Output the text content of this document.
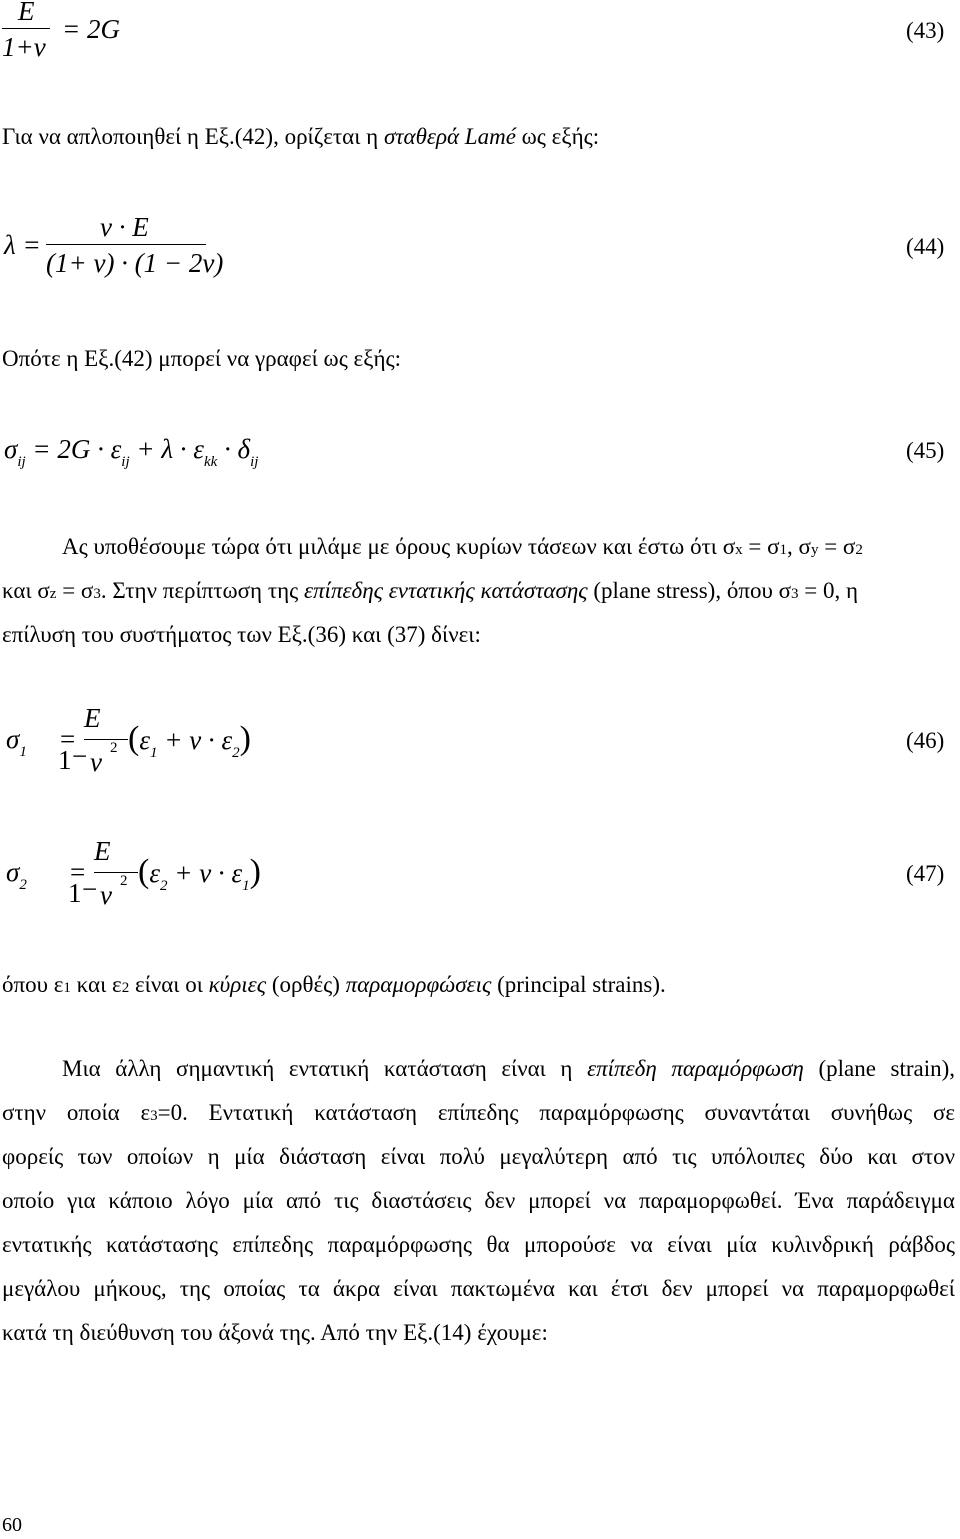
E
1+ν
= 2G	(43)
Για να απλοποιηθεί η Εξ.(42), ορίζεται η σταθερά Lamé ως εξής:
λ =
ν · E
(1+ ν) · (1 − 2ν)
(44)
Οπότε η Εξ.(42) μπορεί να γραφεί ως εξής:
$\sigma_{ij} = 2G \cdot \varepsilon_{ij} + \lambda \cdot \varepsilon_{kk} \cdot \delta_{ij}$	(45)
Ας υποθέσουμε τώρα ότι μιλάμε με όρους κυρίων τάσεων και έστω ότι σx = σ1, σy = σ2
και σz = σ3. Στην περίπτωση της επίπεδης εντατικής κατάστασης (plane stress), όπου σ3 = 0, η
επίλυση του συστήματος των Εξ.(36) και (37) δίνει:
$\sigma_1$ =
E
1 − ν 2 $(\varepsilon_1 + \nu \cdot \varepsilon_2)$	(46)
$\sigma_2$ =
E
1 − ν 2 $(\varepsilon_2 + \nu \cdot \varepsilon_1)$	(47)
όπου ε1 και ε2 είναι οι κύριες (ορθές) παραμορφώσεις (principal strains).
Μια άλλη σημαντική εντατική κατάσταση είναι η επίπεδη παραμόρφωση (plane strain),
στην οποία ε3=0. Εντατική κατάσταση επίπεδης παραμόρφωσης συναντάται συνήθως σε
φορείς των οποίων η μία διάσταση είναι πολύ μεγαλύτερη από τις υπόλοιπες δύο και στον
οποίο για κάποιο λόγο μία από τις διαστάσεις δεν μπορεί να παραμορφωθεί. Ένα παράδειγμα
εντατικής κατάστασης επίπεδης παραμόρφωσης θα μπορούσε να είναι μία κυλινδρική ράβδος
μεγάλου μήκους, της οποίας τα άκρα είναι πακτωμένα και έτσι δεν μπορεί να παραμορφωθεί
κατά τη διεύθυνση του άξονά της. Από την Εξ.(14) έχουμε:
60
